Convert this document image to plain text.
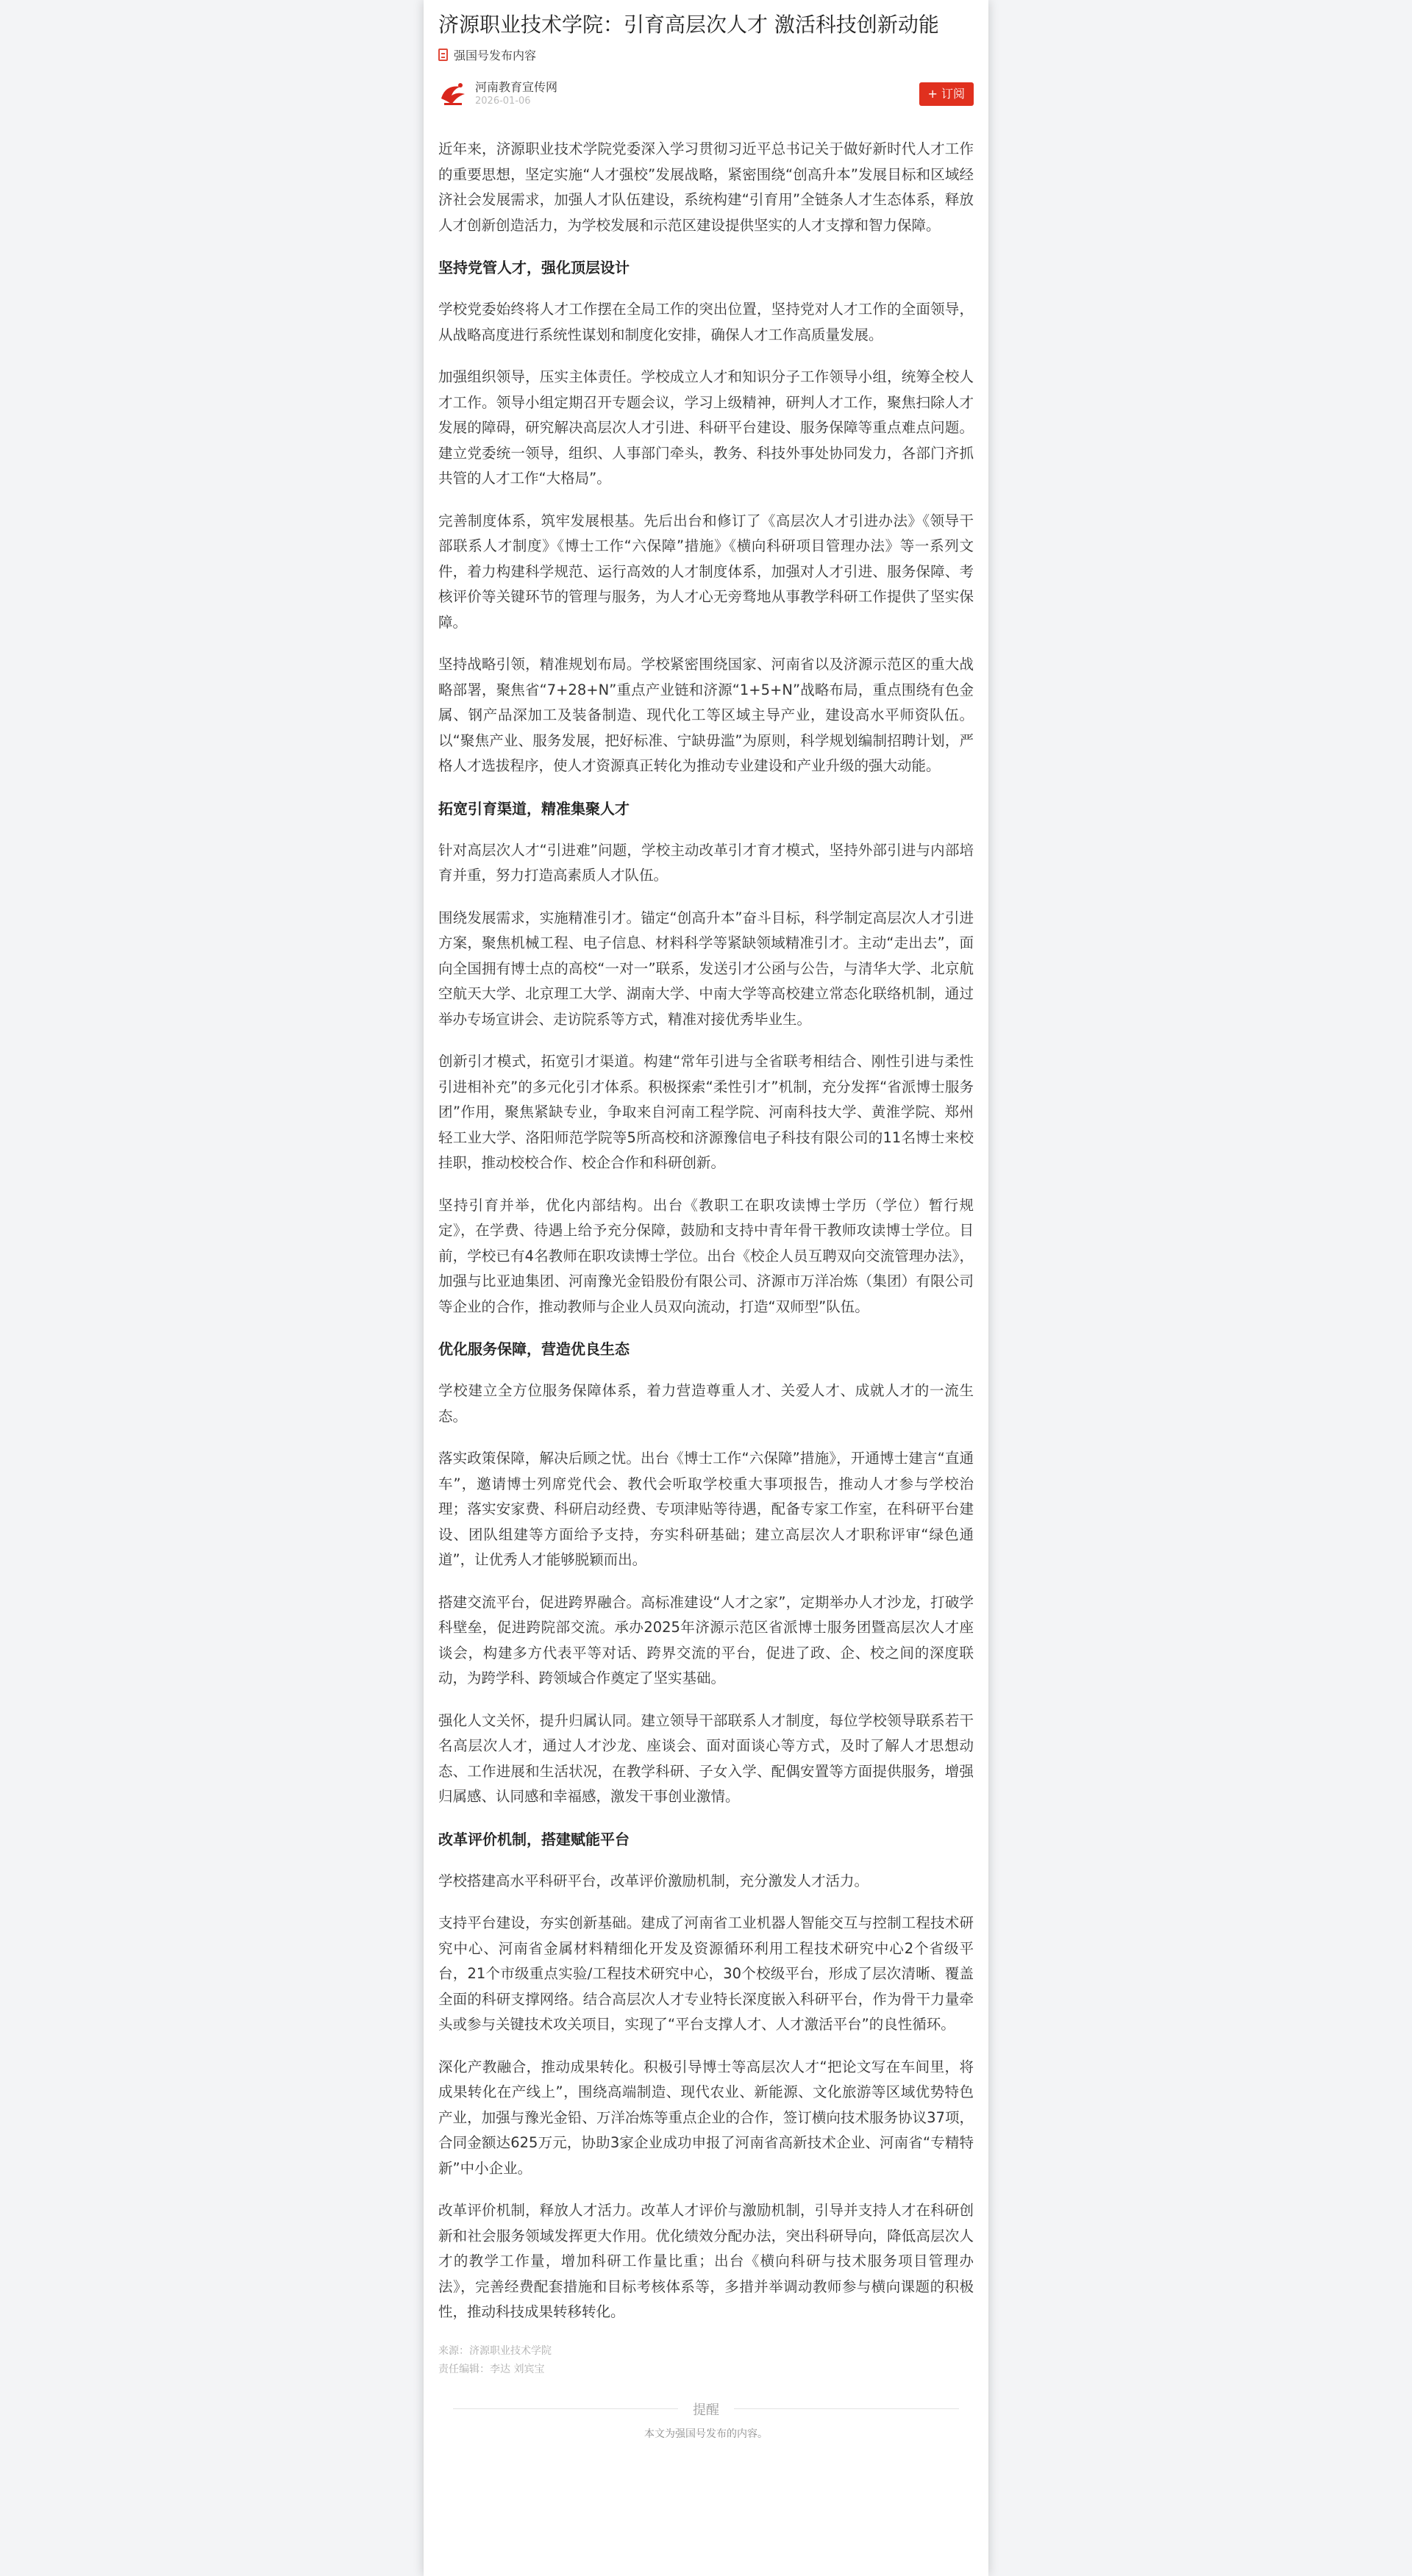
济源职业技术学院：引育高层次人才 激活科技创新动能
强国号发布内容
河南教育宣传网
2026-01-06
+ 订阅

近年来，济源职业技术学院党委深入学习贯彻习近平总书记关于做好新时代人才工作的重要思想，坚定实施“人才强校”发展战略，紧密围绕“创高升本”发展目标和区域经济社会发展需求，加强人才队伍建设，系统构建“引育用”全链条人才生态体系，释放人才创新创造活力，为学校发展和示范区建设提供坚实的人才支撑和智力保障。

坚持党管人才，强化顶层设计

学校党委始终将人才工作摆在全局工作的突出位置，坚持党对人才工作的全面领导，从战略高度进行系统性谋划和制度化安排，确保人才工作高质量发展。

加强组织领导，压实主体责任。学校成立人才和知识分子工作领导小组，统筹全校人才工作。领导小组定期召开专题会议，学习上级精神，研判人才工作，聚焦扫除人才发展的障碍，研究解决高层次人才引进、科研平台建设、服务保障等重点难点问题。建立党委统一领导，组织、人事部门牵头，教务、科技外事处协同发力，各部门齐抓共管的人才工作“大格局”。

完善制度体系，筑牢发展根基。先后出台和修订了《高层次人才引进办法》《领导干部联系人才制度》《博士工作“六保障”措施》《横向科研项目管理办法》等一系列文件，着力构建科学规范、运行高效的人才制度体系，加强对人才引进、服务保障、考核评价等关键环节的管理与服务，为人才心无旁骛地从事教学科研工作提供了坚实保障。

坚持战略引领，精准规划布局。学校紧密围绕国家、河南省以及济源示范区的重大战略部署，聚焦省“7+28+N”重点产业链和济源“1+5+N”战略布局，重点围绕有色金属、钢产品深加工及装备制造、现代化工等区域主导产业，建设高水平师资队伍。以“聚焦产业、服务发展，把好标准、宁缺毋滥”为原则，科学规划编制招聘计划，严格人才选拔程序，使人才资源真正转化为推动专业建设和产业升级的强大动能。

拓宽引育渠道，精准集聚人才

针对高层次人才“引进难”问题，学校主动改革引才育才模式，坚持外部引进与内部培育并重，努力打造高素质人才队伍。

围绕发展需求，实施精准引才。锚定“创高升本”奋斗目标，科学制定高层次人才引进方案，聚焦机械工程、电子信息、材料科学等紧缺领域精准引才。主动“走出去”，面向全国拥有博士点的高校“一对一”联系，发送引才公函与公告，与清华大学、北京航空航天大学、北京理工大学、湖南大学、中南大学等高校建立常态化联络机制，通过举办专场宣讲会、走访院系等方式，精准对接优秀毕业生。

创新引才模式，拓宽引才渠道。构建“常年引进与全省联考相结合、刚性引进与柔性引进相补充”的多元化引才体系。积极探索“柔性引才”机制，充分发挥“省派博士服务团”作用，聚焦紧缺专业，争取来自河南工程学院、河南科技大学、黄淮学院、郑州轻工业大学、洛阳师范学院等5所高校和济源豫信电子科技有限公司的11名博士来校挂职，推动校校合作、校企合作和科研创新。

坚持引育并举，优化内部结构。出台《教职工在职攻读博士学历（学位）暂行规定》，在学费、待遇上给予充分保障，鼓励和支持中青年骨干教师攻读博士学位。目前，学校已有4名教师在职攻读博士学位。出台《校企人员互聘双向交流管理办法》，加强与比亚迪集团、河南豫光金铅股份有限公司、济源市万洋冶炼（集团）有限公司等企业的合作，推动教师与企业人员双向流动，打造“双师型”队伍。

优化服务保障，营造优良生态

学校建立全方位服务保障体系，着力营造尊重人才、关爱人才、成就人才的一流生态。

落实政策保障，解决后顾之忧。出台《博士工作“六保障”措施》，开通博士建言“直通车”，邀请博士列席党代会、教代会听取学校重大事项报告，推动人才参与学校治理；落实安家费、科研启动经费、专项津贴等待遇，配备专家工作室，在科研平台建设、团队组建等方面给予支持，夯实科研基础；建立高层次人才职称评审“绿色通道”，让优秀人才能够脱颖而出。

搭建交流平台，促进跨界融合。高标准建设“人才之家”，定期举办人才沙龙，打破学科壁垒，促进跨院部交流。承办2025年济源示范区省派博士服务团暨高层次人才座谈会，构建多方代表平等对话、跨界交流的平台，促进了政、企、校之间的深度联动，为跨学科、跨领域合作奠定了坚实基础。

强化人文关怀，提升归属认同。建立领导干部联系人才制度，每位学校领导联系若干名高层次人才，通过人才沙龙、座谈会、面对面谈心等方式，及时了解人才思想动态、工作进展和生活状况，在教学科研、子女入学、配偶安置等方面提供服务，增强归属感、认同感和幸福感，激发干事创业激情。

改革评价机制，搭建赋能平台

学校搭建高水平科研平台，改革评价激励机制，充分激发人才活力。

支持平台建设，夯实创新基础。建成了河南省工业机器人智能交互与控制工程技术研究中心、河南省金属材料精细化开发及资源循环利用工程技术研究中心2个省级平台，21个市级重点实验/工程技术研究中心，30个校级平台，形成了层次清晰、覆盖全面的科研支撑网络。结合高层次人才专业特长深度嵌入科研平台，作为骨干力量牵头或参与关键技术攻关项目，实现了“平台支撑人才、人才激活平台”的良性循环。

深化产教融合，推动成果转化。积极引导博士等高层次人才“把论文写在车间里，将成果转化在产线上”，围绕高端制造、现代农业、新能源、文化旅游等区域优势特色产业，加强与豫光金铅、万洋冶炼等重点企业的合作，签订横向技术服务协议37项，合同金额达625万元，协助3家企业成功申报了河南省高新技术企业、河南省“专精特新”中小企业。

改革评价机制，释放人才活力。改革人才评价与激励机制，引导并支持人才在科研创新和社会服务领域发挥更大作用。优化绩效分配办法，突出科研导向，降低高层次人才的教学工作量，增加科研工作量比重；出台《横向科研与技术服务项目管理办法》，完善经费配套措施和目标考核体系等，多措并举调动教师参与横向课题的积极性，推动科技成果转移转化。

来源：济源职业技术学院
责任编辑：李达 刘宾宝
提醒
本文为强国号发布的内容。
